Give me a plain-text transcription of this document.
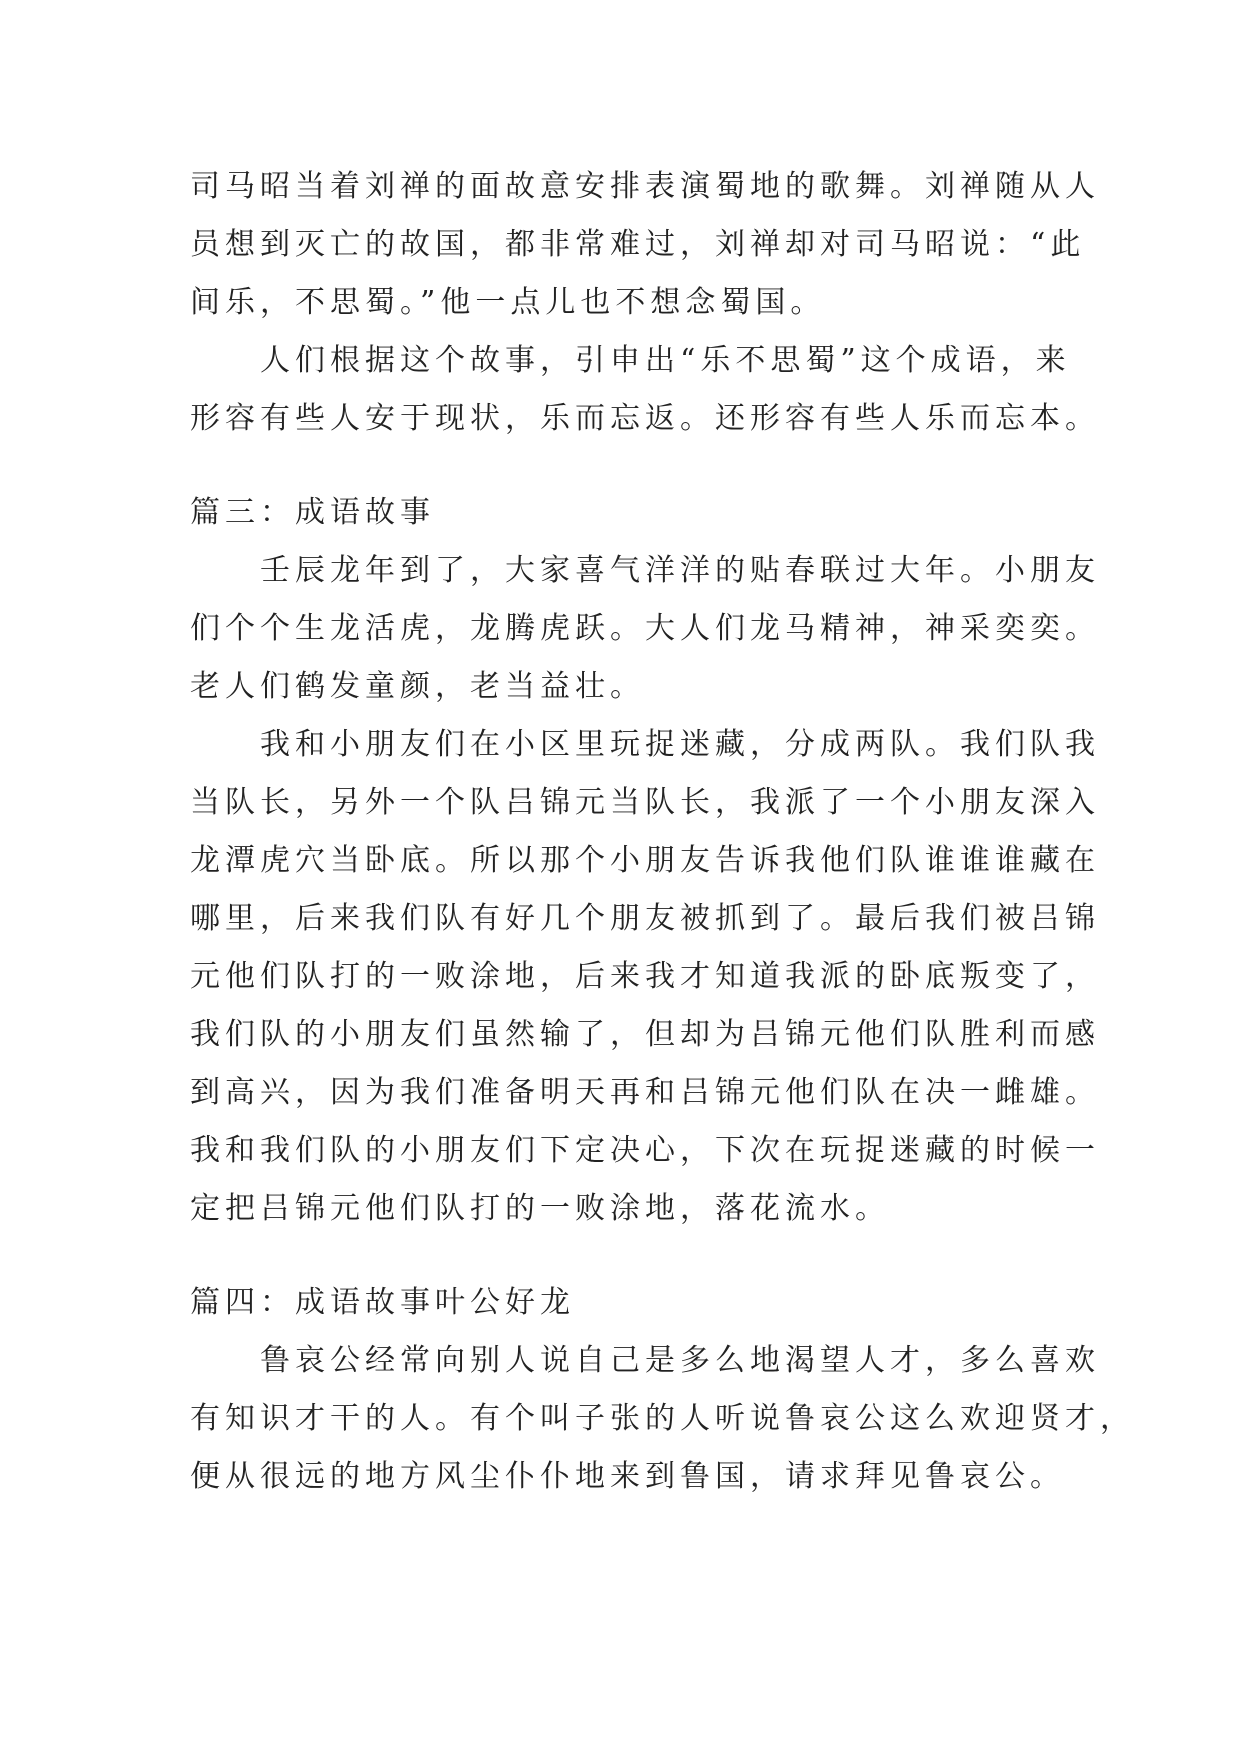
司马昭当着刘禅的面故意安排表演蜀地的歌舞。刘禅随从人
员想到灭亡的故国，都非常难过，刘禅却对司马昭说：“此
间乐，不思蜀。”他一点儿也不想念蜀国。
人们根据这个故事，引申出“乐不思蜀”这个成语，来
形容有些人安于现状，乐而忘返。还形容有些人乐而忘本。
篇三：成语故事
壬辰龙年到了，大家喜气洋洋的贴春联过大年。小朋友
们个个生龙活虎，龙腾虎跃。大人们龙马精神，神采奕奕。
老人们鹤发童颜，老当益壮。
我和小朋友们在小区里玩捉迷藏，分成两队。我们队我
当队长，另外一个队吕锦元当队长，我派了一个小朋友深入
龙潭虎穴当卧底。所以那个小朋友告诉我他们队谁谁谁藏在
哪里，后来我们队有好几个朋友被抓到了。最后我们被吕锦
元他们队打的一败涂地，后来我才知道我派的卧底叛变了，
我们队的小朋友们虽然输了，但却为吕锦元他们队胜利而感
到高兴，因为我们准备明天再和吕锦元他们队在决一雌雄。
我和我们队的小朋友们下定决心，下次在玩捉迷藏的时候一
定把吕锦元他们队打的一败涂地，落花流水。
篇四：成语故事叶公好龙
鲁哀公经常向别人说自己是多么地渴望人才，多么喜欢
有知识才干的人。有个叫子张的人听说鲁哀公这么欢迎贤才，
便从很远的地方风尘仆仆地来到鲁国，请求拜见鲁哀公。
